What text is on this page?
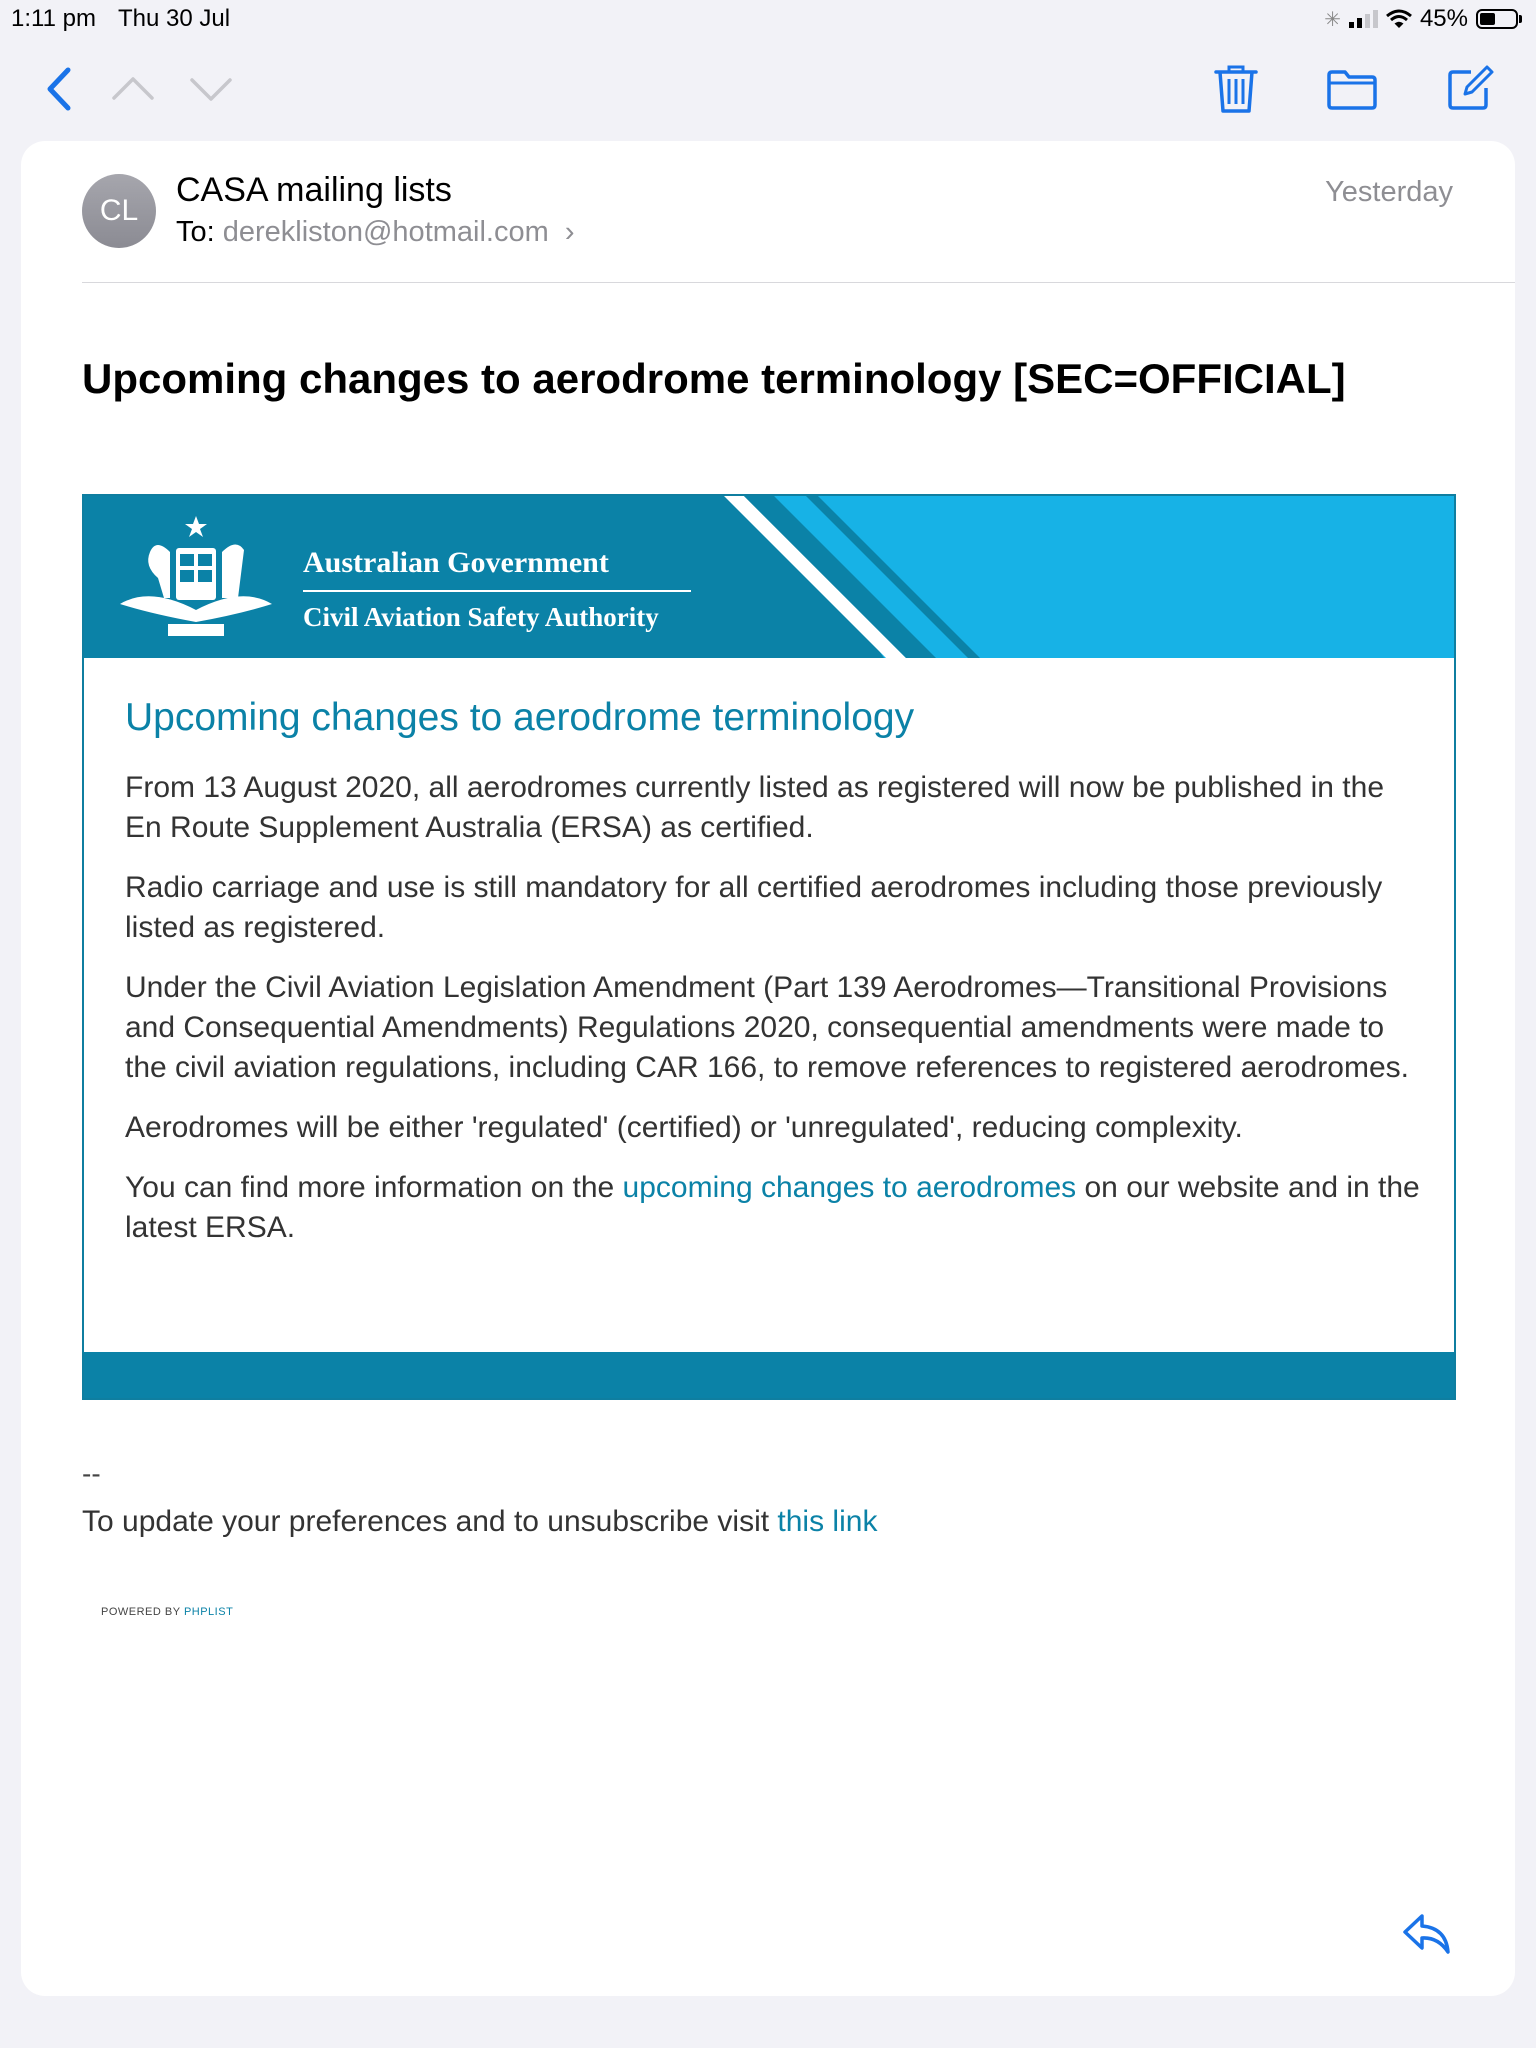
1:11 pm Thu 30 Jul	✳	45%
CL
CASA mailing lists
To: derekliston@hotmail.com ›
Yesterday
Upcoming changes to aerodrome terminology [SEC=OFFICIAL]
Australian Government
Civil Aviation Safety Authority
Upcoming changes to aerodrome terminology

From 13 August 2020, all aerodromes currently listed as registered will now be published in the En Route Supplement Australia (ERSA) as certified.

Radio carriage and use is still mandatory for all certified aerodromes including those previously listed as registered.

Under the Civil Aviation Legislation Amendment (Part 139 Aerodromes—Transitional Provisions and Consequential Amendments) Regulations 2020, consequential amendments were made to the civil aviation regulations, including CAR 166, to remove references to registered aerodromes.

Aerodromes will be either 'regulated' (certified) or 'unregulated', reducing complexity.

You can find more information on the upcoming changes to aerodromes on our website and in the latest ERSA.

--
To update your preferences and to unsubscribe visit this link
POWERED BY PHPLIST
